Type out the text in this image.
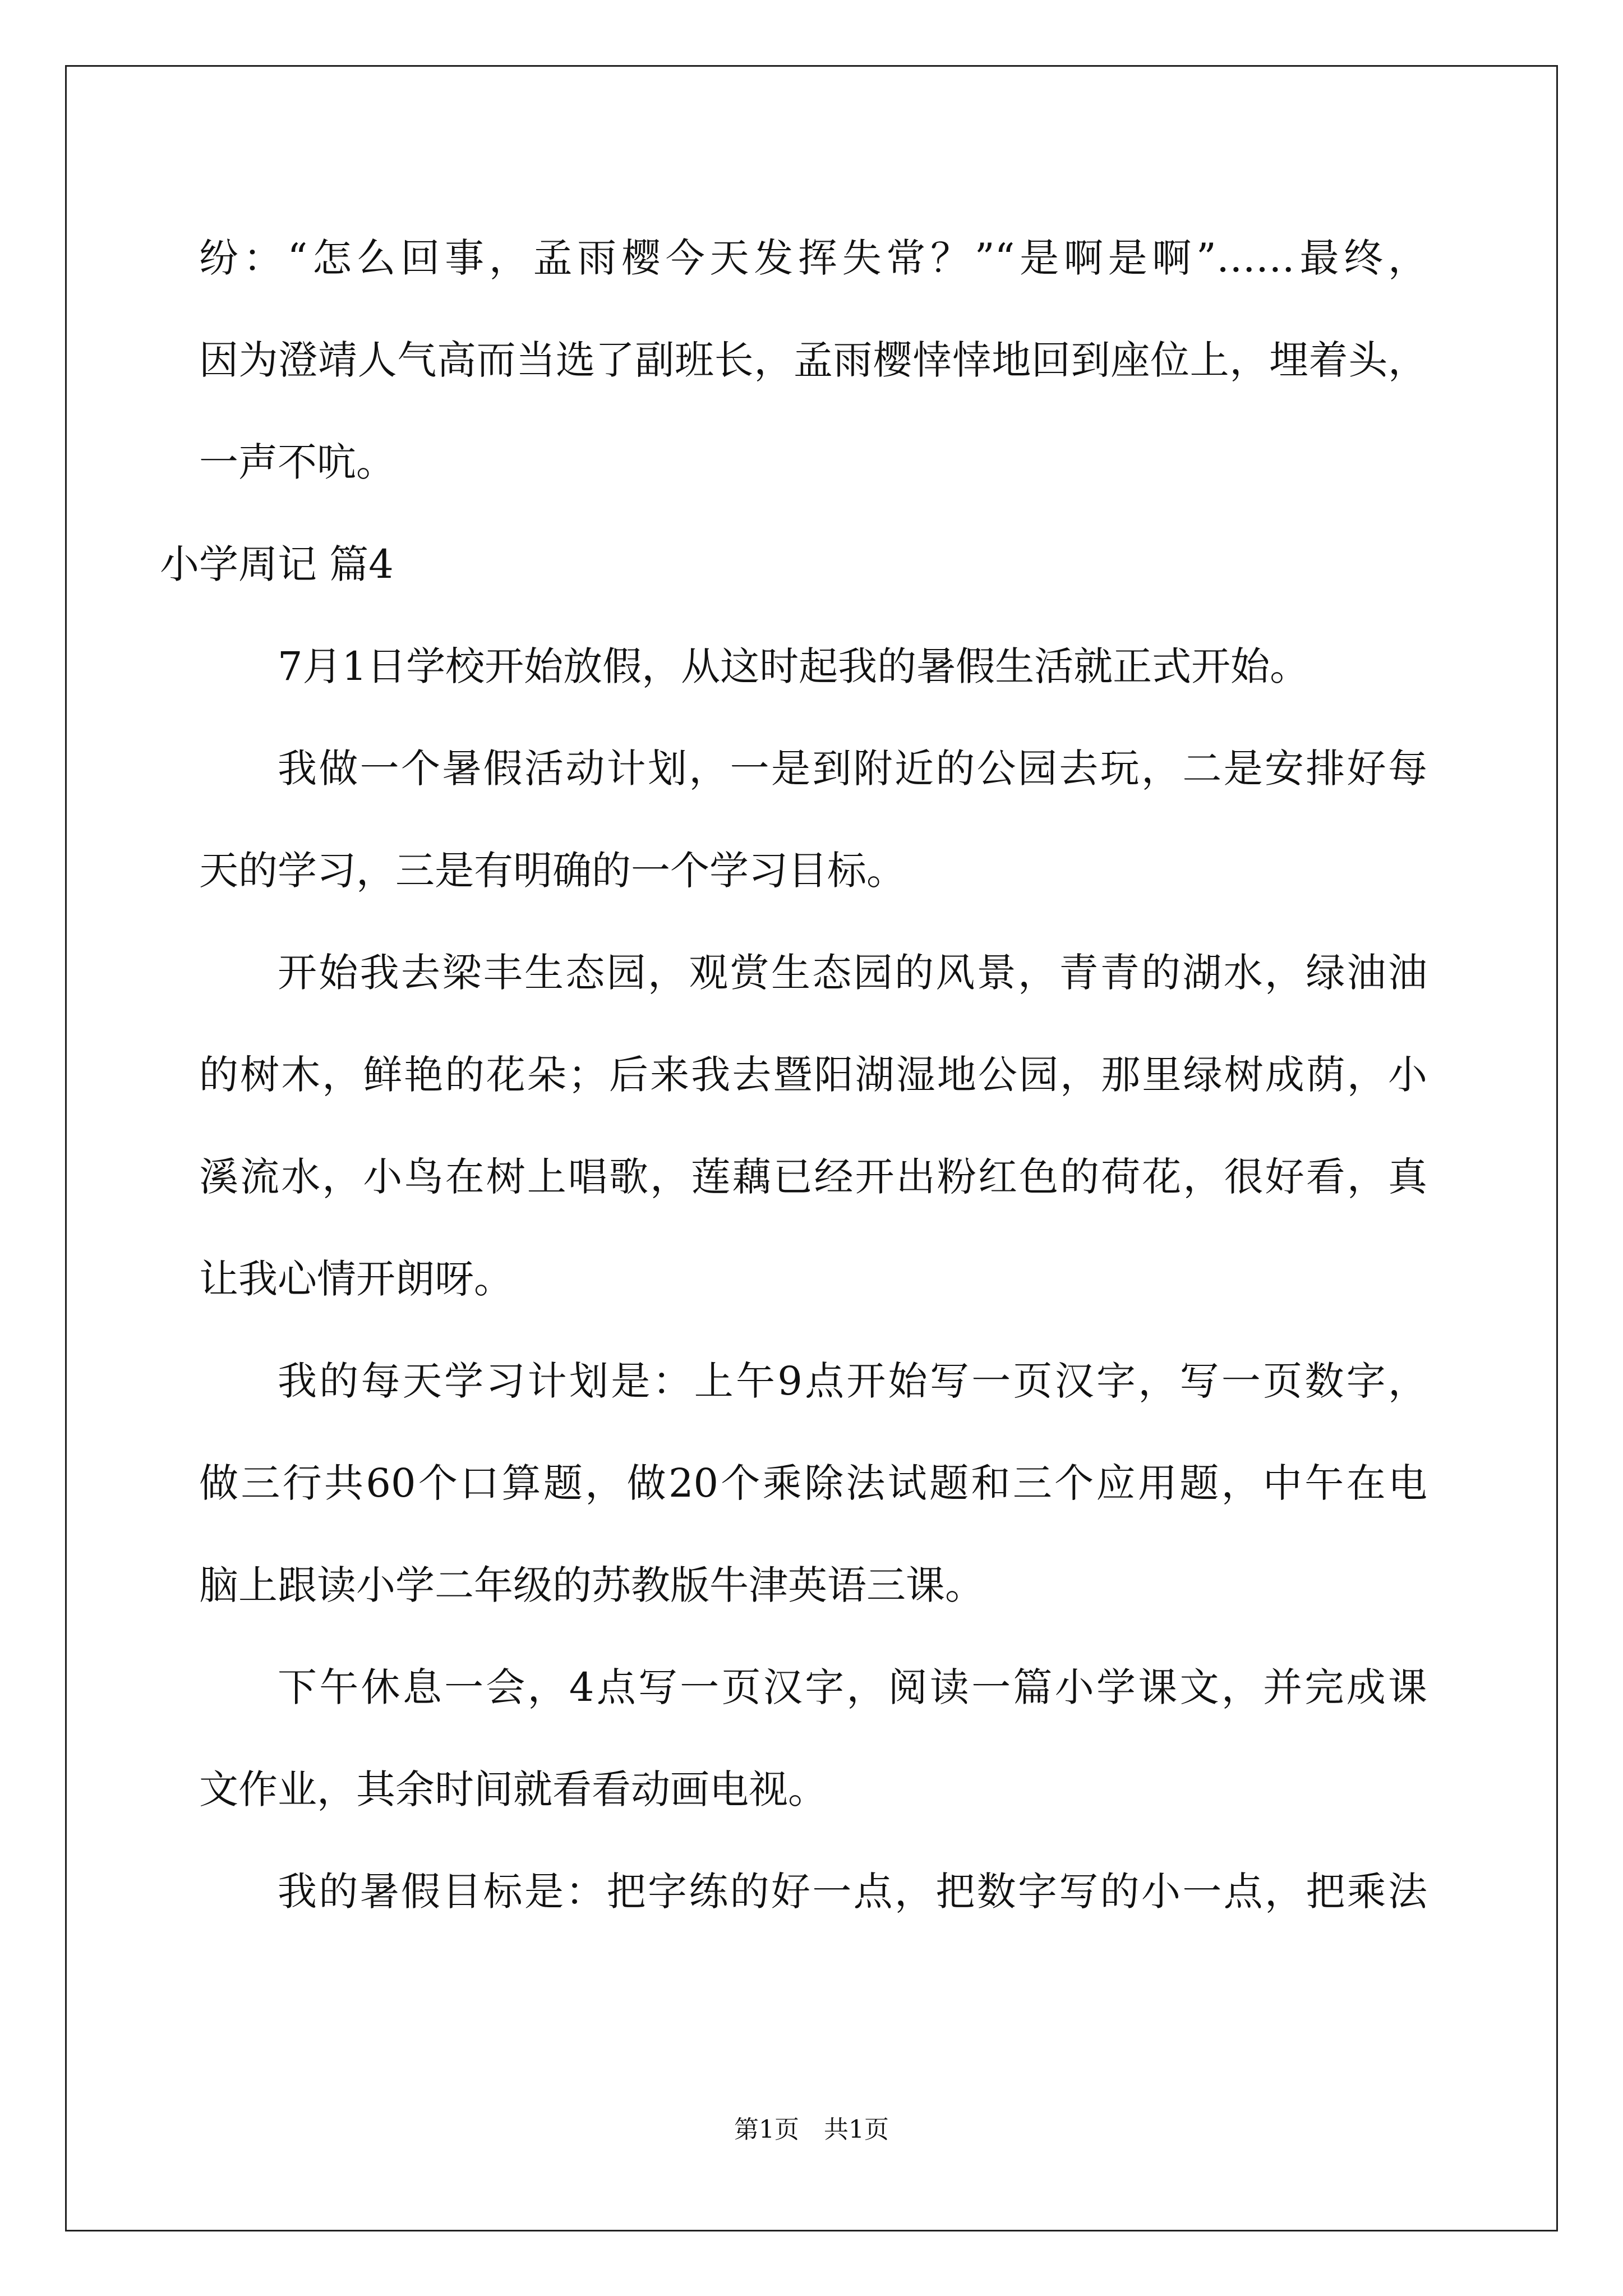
纷：“怎么回事，孟雨樱今天发挥失常？”“是啊是啊”……最终，
因为澄靖人气高而当选了副班长，孟雨樱悻悻地回到座位上，埋着头，
一声不吭。
小学周记 篇4
7月1日学校开始放假，从这时起我的暑假生活就正式开始。
我做一个暑假活动计划，一是到附近的公园去玩，二是安排好每
天的学习，三是有明确的一个学习目标。
开始我去梁丰生态园，观赏生态园的风景，青青的湖水，绿油油
的树木，鲜艳的花朵；后来我去暨阳湖湿地公园，那里绿树成荫，小
溪流水，小鸟在树上唱歌，莲藕已经开出粉红色的荷花，很好看，真
让我心情开朗呀。
我的每天学习计划是：上午9点开始写一页汉字，写一页数字，
做三行共60个口算题，做20个乘除法试题和三个应用题，中午在电
脑上跟读小学二年级的苏教版牛津英语三课。
下午休息一会，4点写一页汉字，阅读一篇小学课文，并完成课
文作业，其余时间就看看动画电视。
我的暑假目标是：把字练的好一点，把数字写的小一点，把乘法
第1页　共1页
